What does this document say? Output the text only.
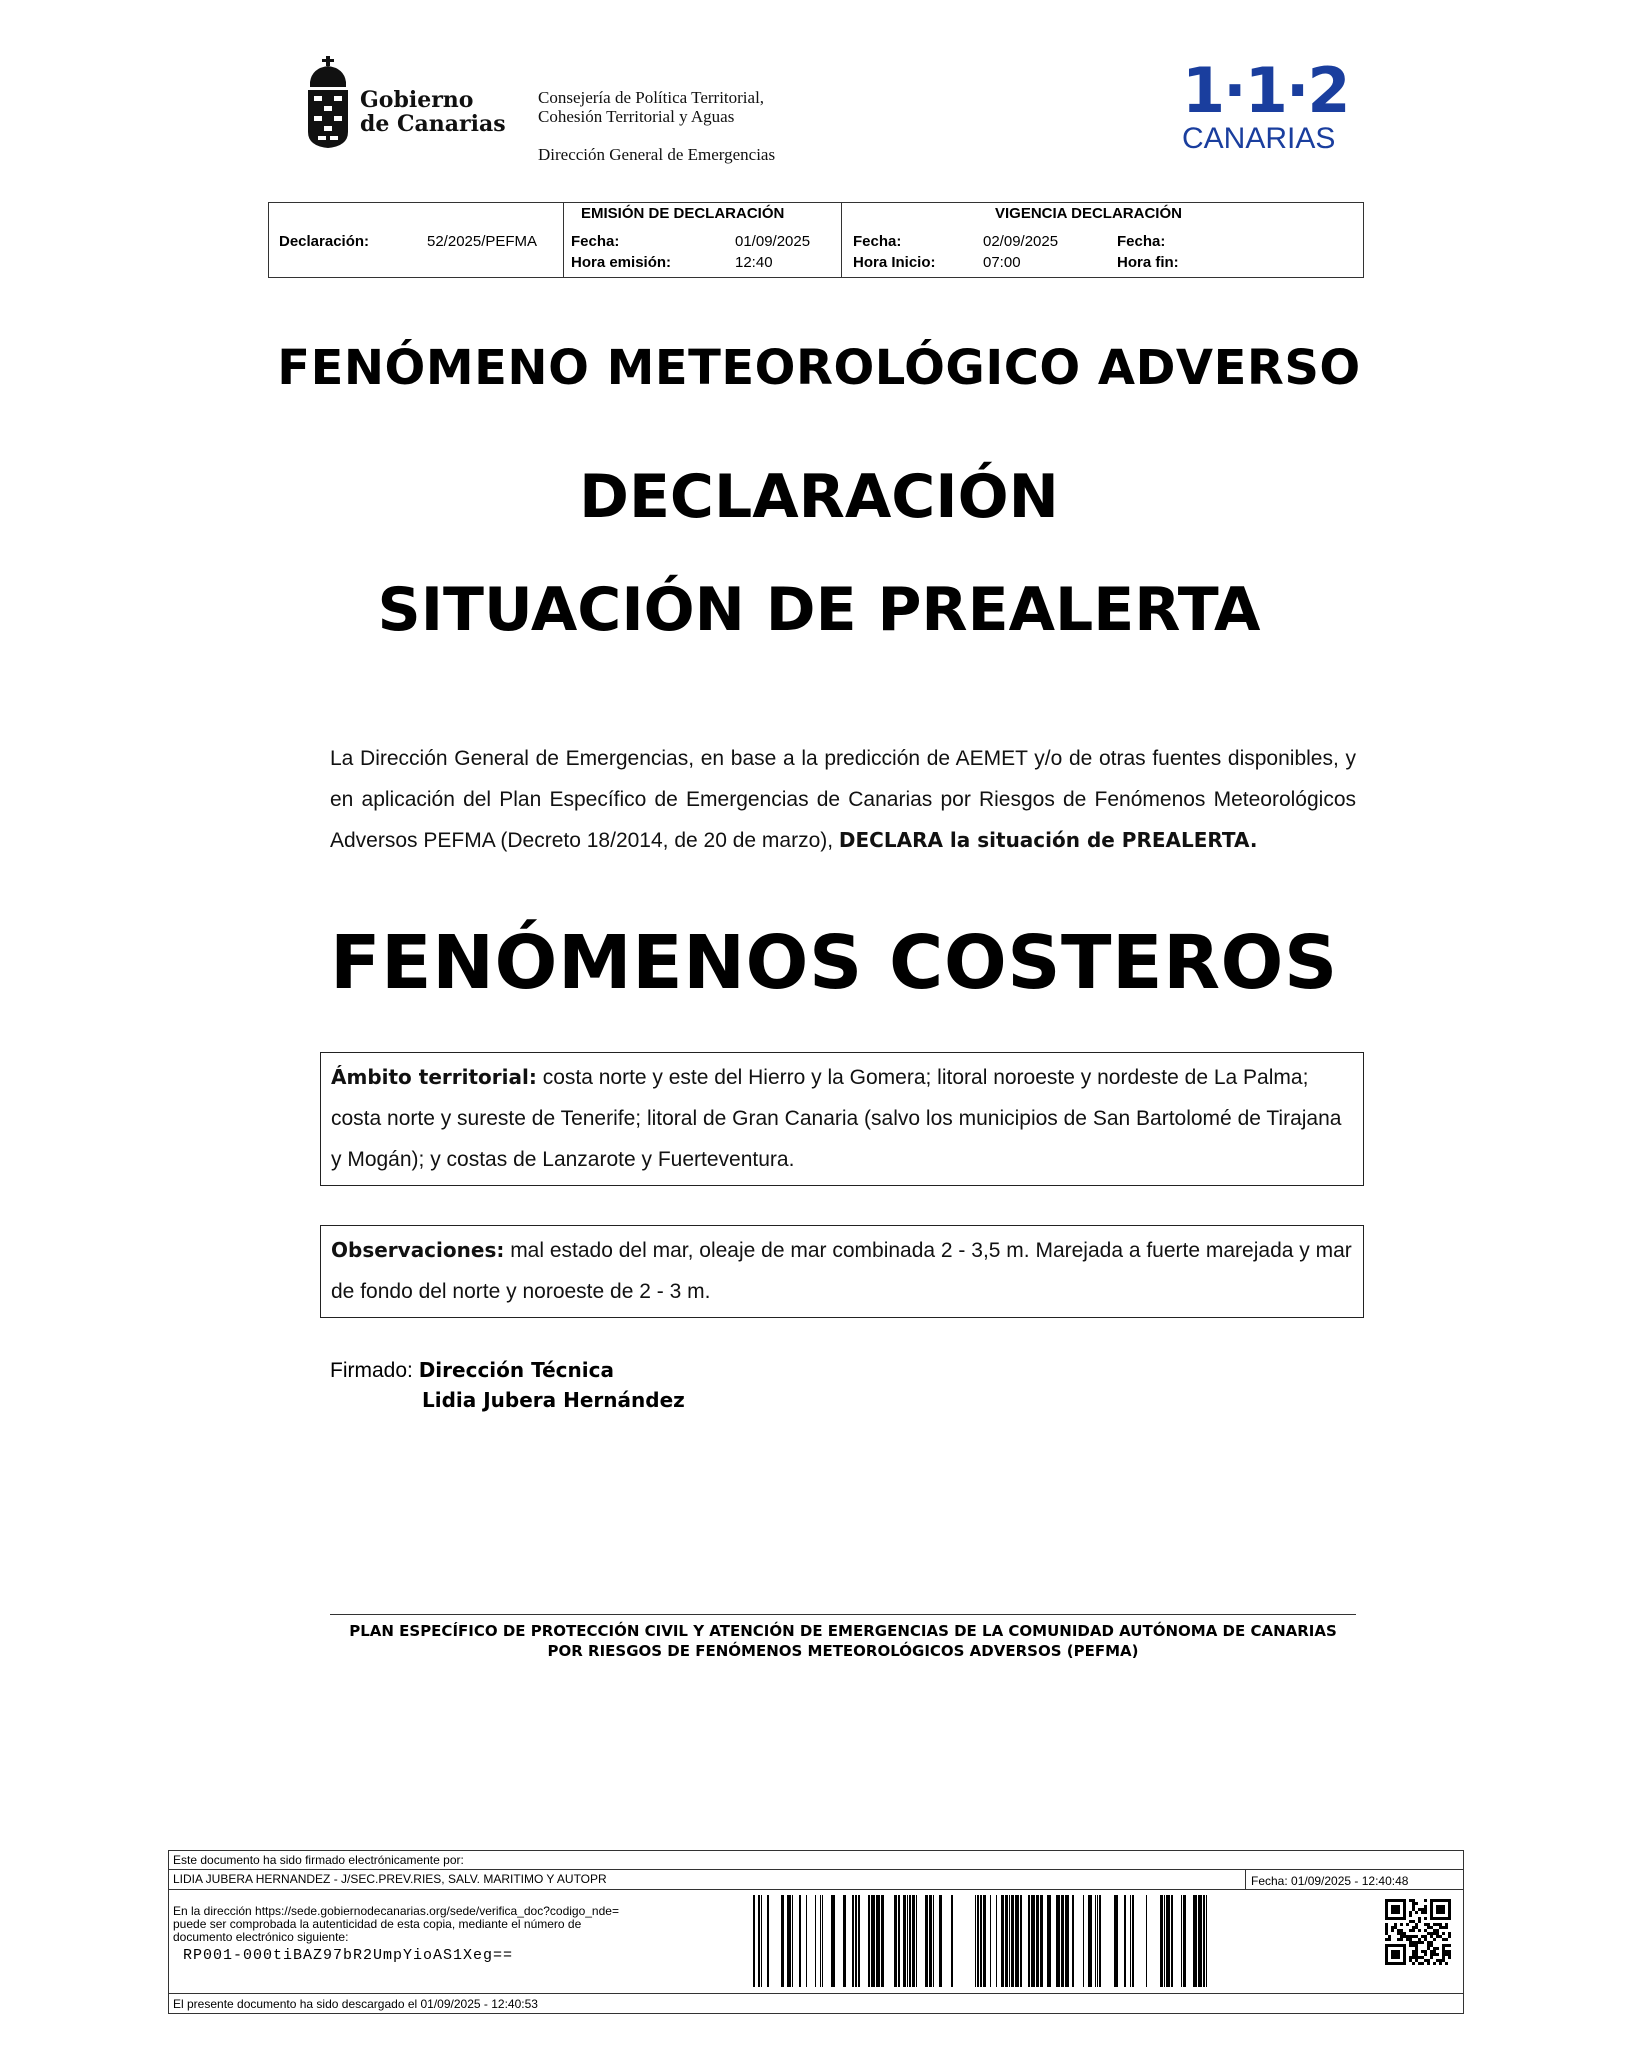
Gobierno
de Canarias
Consejería de Política Territorial,
Cohesión Territorial y Aguas
Dirección General de Emergencias
1·1·2
CANARIAS
Declaración:	52/2025/PEFMA
EMISIÓN DE DECLARACIÓN
Fecha:	01/09/2025
Hora emisión:	12:40
VIGENCIA DECLARACIÓN
Fecha:	02/09/2025
Hora Inicio:	07:00
Fecha:
Hora fin:
FENÓMENO METEOROLÓGICO ADVERSO
DECLARACIÓN
SITUACIÓN DE PREALERTA
La Dirección General de Emergencias, en base a la predicción de AEMET y/o de otras fuentes disponibles, y en aplicación del Plan Específico de Emergencias de Canarias por Riesgos de Fenómenos Meteorológicos Adversos PEFMA (Decreto 18/2014, de 20 de marzo), DECLARA la situación de PREALERTA.
FENÓMENOS COSTEROS
Ámbito territorial: costa norte y este del Hierro y la Gomera; litoral noroeste y nordeste de La Palma; costa norte y sureste de Tenerife; litoral de Gran Canaria (salvo los municipios de San Bartolomé de Tirajana y Mogán); y costas de Lanzarote y Fuerteventura.
Observaciones: mal estado del mar, oleaje de mar combinada 2 - 3,5 m. Marejada a fuerte marejada y mar de fondo del norte y noroeste de 2 - 3 m.
Firmado: Dirección Técnica
Lidia Jubera Hernández
PLAN ESPECÍFICO DE PROTECCIÓN CIVIL Y ATENCIÓN DE EMERGENCIAS DE LA COMUNIDAD AUTÓNOMA DE CANARIAS
POR RIESGOS DE FENÓMENOS METEOROLÓGICOS ADVERSOS (PEFMA)
Este documento ha sido firmado electrónicamente por:
LIDIA JUBERA HERNANDEZ - J/SEC.PREV.RIES, SALV. MARITIMO Y AUTOPR	Fecha: 01/09/2025 - 12:40:48
En la dirección https://sede.gobiernodecanarias.org/sede/verifica_doc?codigo_nde=
puede ser comprobada la autenticidad de esta copia, mediante el número de
documento electrónico siguiente:
RP001-000tiBAZ97bR2UmpYioAS1Xeg==
El presente documento ha sido descargado el 01/09/2025 - 12:40:53
